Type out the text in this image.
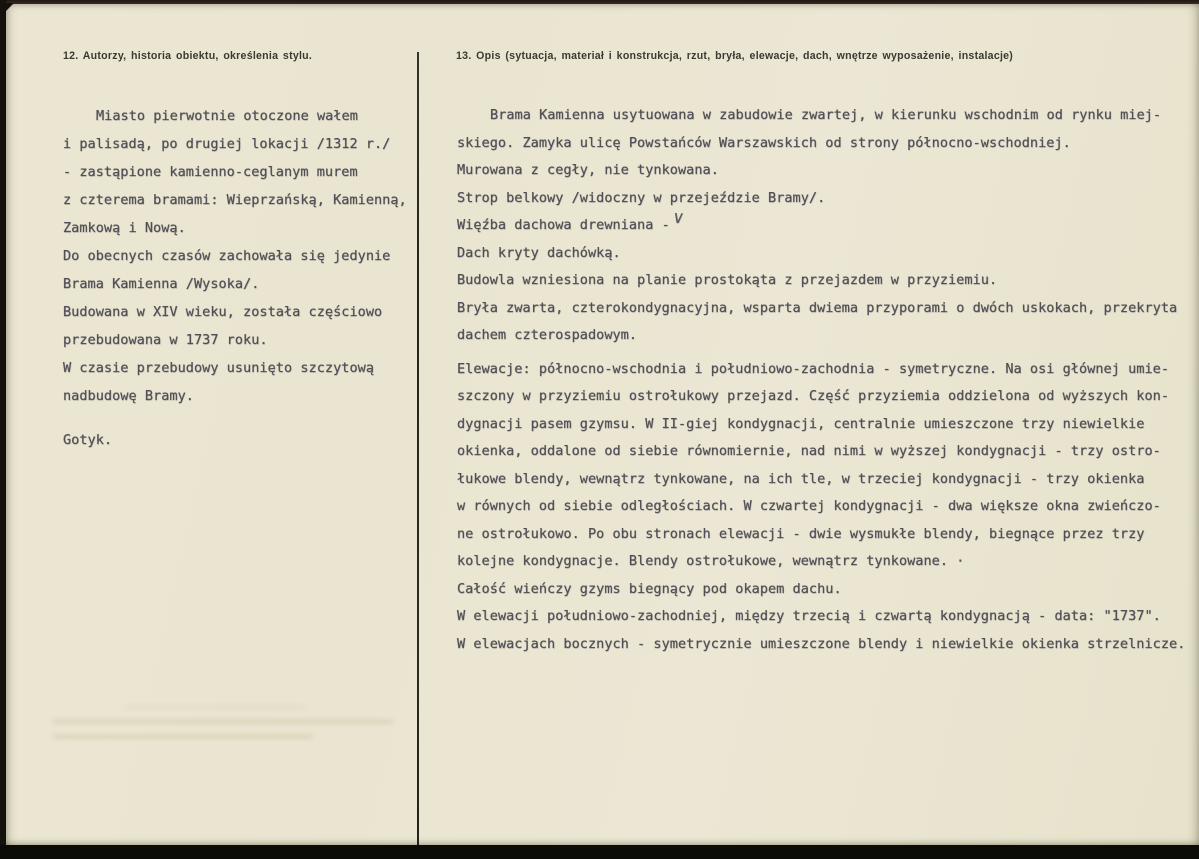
12. Autorzy, historia obiektu, określenia stylu.	13. Opis (sytuacja, materiał i konstrukcja, rzut, bryła, elewacje, dach, wnętrze wyposażenie, instalacje)
Miasto pierwotnie otoczone wałem
i palisadą, po drugiej lokacji /1312 r./
- zastąpione kamienno-ceglanym murem
z czterema bramami: Wieprzańską, Kamienną,
Zamkową i Nową.
Do obecnych czasów zachowała się jedynie
Brama Kamienna /Wysoka/.
Budowana w XIV wieku, została częściowo
przebudowana w 1737 roku.
W czasie przebudowy usunięto szczytową
nadbudowę Bramy.
Gotyk.
Brama Kamienna usytuowana w zabudowie zwartej, w kierunku wschodnim od rynku miej-
skiego. Zamyka ulicę Powstańców Warszawskich od strony północno-wschodniej.
Murowana z cegły, nie tynkowana.
Strop belkowy /widoczny w przejeździe Bramy/.
Więźba dachowa drewniana -
Dach kryty dachówką.
Budowla wzniesiona na planie prostokąta z przejazdem w przyziemiu.
Bryła zwarta, czterokondygnacyjna, wsparta dwiema przyporami o dwóch uskokach, przekryta
dachem czterospadowym.
Elewacje: północno-wschodnia i południowo-zachodnia - symetryczne. Na osi głównej umie-
szczony w przyziemiu ostrołukowy przejazd. Część przyziemia oddzielona od wyższych kon-
dygnacji pasem gzymsu. W II-giej kondygnacji, centralnie umieszczone trzy niewielkie
okienka, oddalone od siebie równomiernie, nad nimi w wyższej kondygnacji - trzy ostro-
łukowe blendy, wewnątrz tynkowane, na ich tle, w trzeciej kondygnacji - trzy okienka
w równych od siebie odległościach. W czwartej kondygnacji - dwa większe okna zwieńczo-
ne ostrołukowo. Po obu stronach elewacji - dwie wysmukłe blendy, biegnące przez trzy
kolejne kondygnacje. Blendy ostrołukowe, wewnątrz tynkowane. ·
Całość wieńczy gzyms biegnący pod okapem dachu.
W elewacji południowo-zachodniej, między trzecią i czwartą kondygnacją - data: "1737".
W elewacjach bocznych - symetrycznie umieszczone blendy i niewielkie okienka strzelnicze.
∨
